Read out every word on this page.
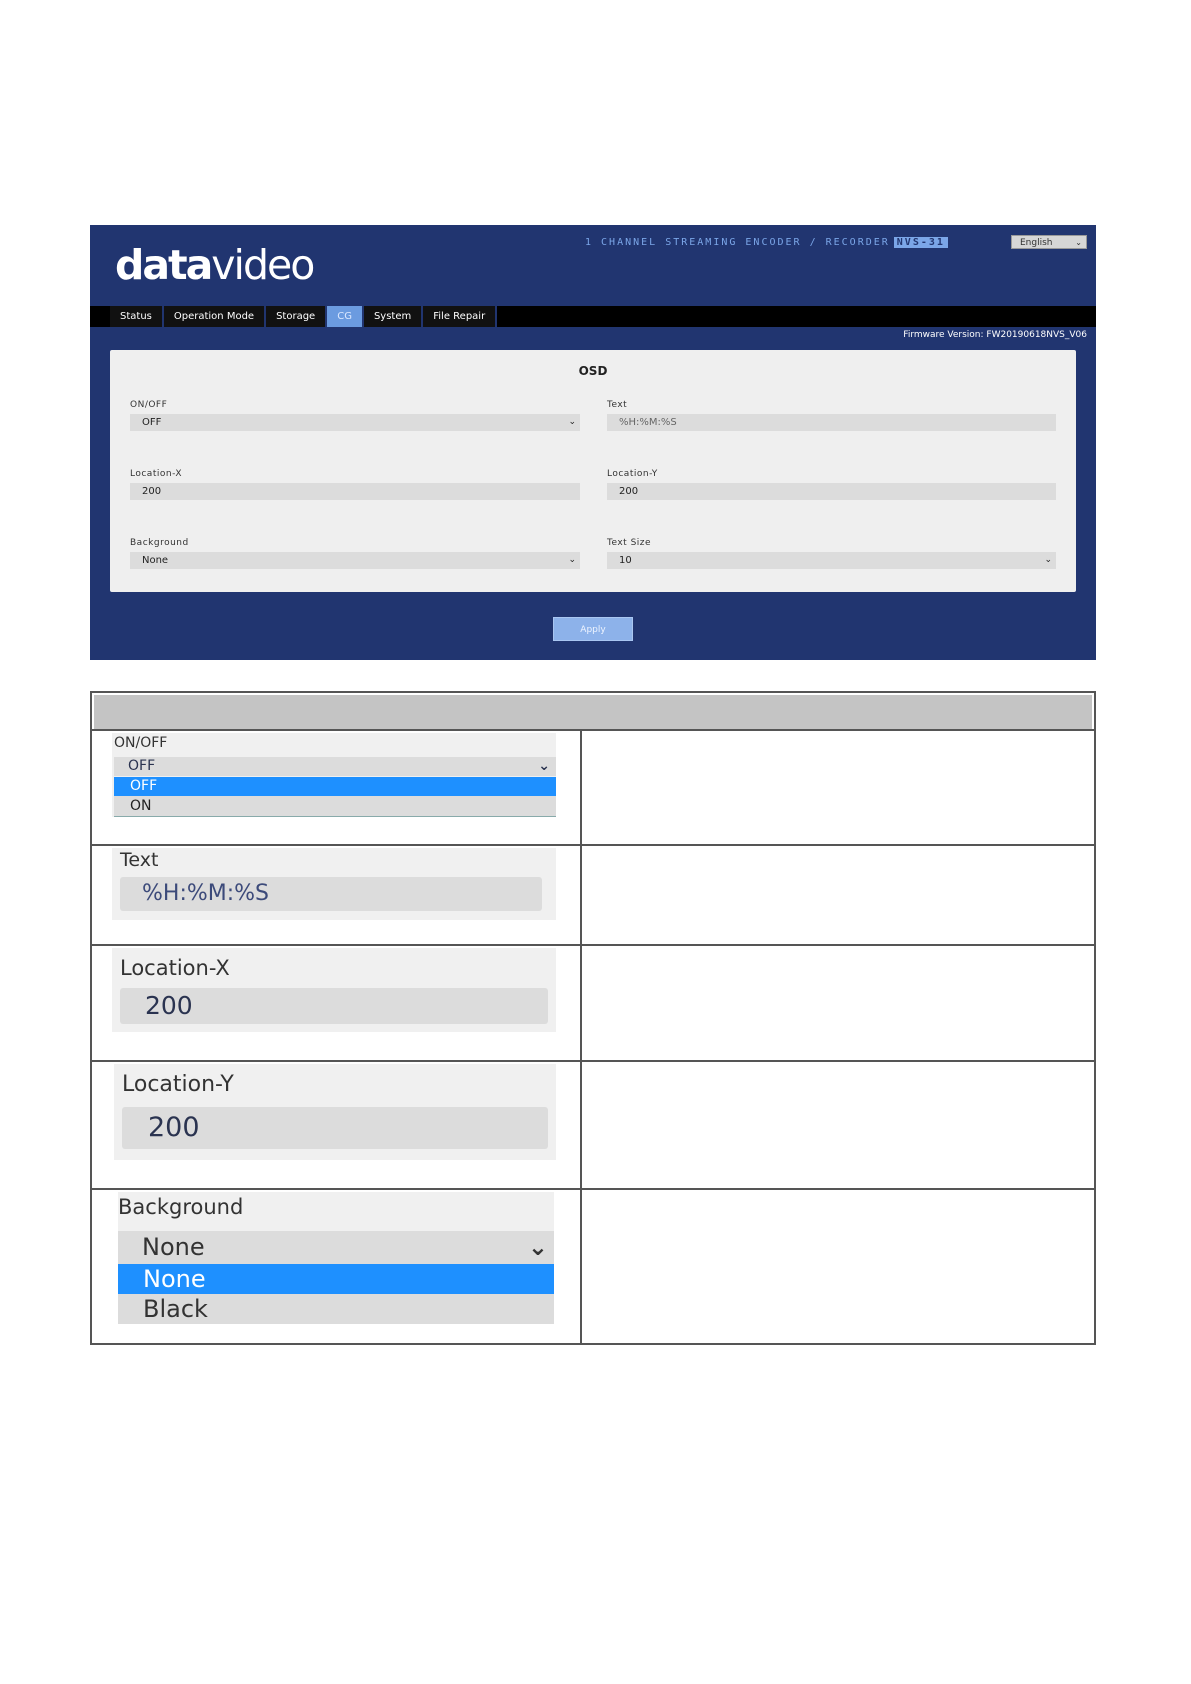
datavideo	1 CHANNEL STREAMING ENCODER / RECORDER NVS-31	English	⌄
Status	Operation Mode	Storage	CG	System	File Repair
Firmware Version: FW20190618NVS_V06
OSD
ON/OFF
OFF	⌄
Text
%H:%M:%S
Location-X
200
Location-Y
200
Background
None	⌄
Text Size
10	⌄
Apply
ON/OFF
OFF	⌄
OFF
ON
Text
%H:%M:%S
Location-X
200
Location-Y
200
Background
None	⌄
None
Black
